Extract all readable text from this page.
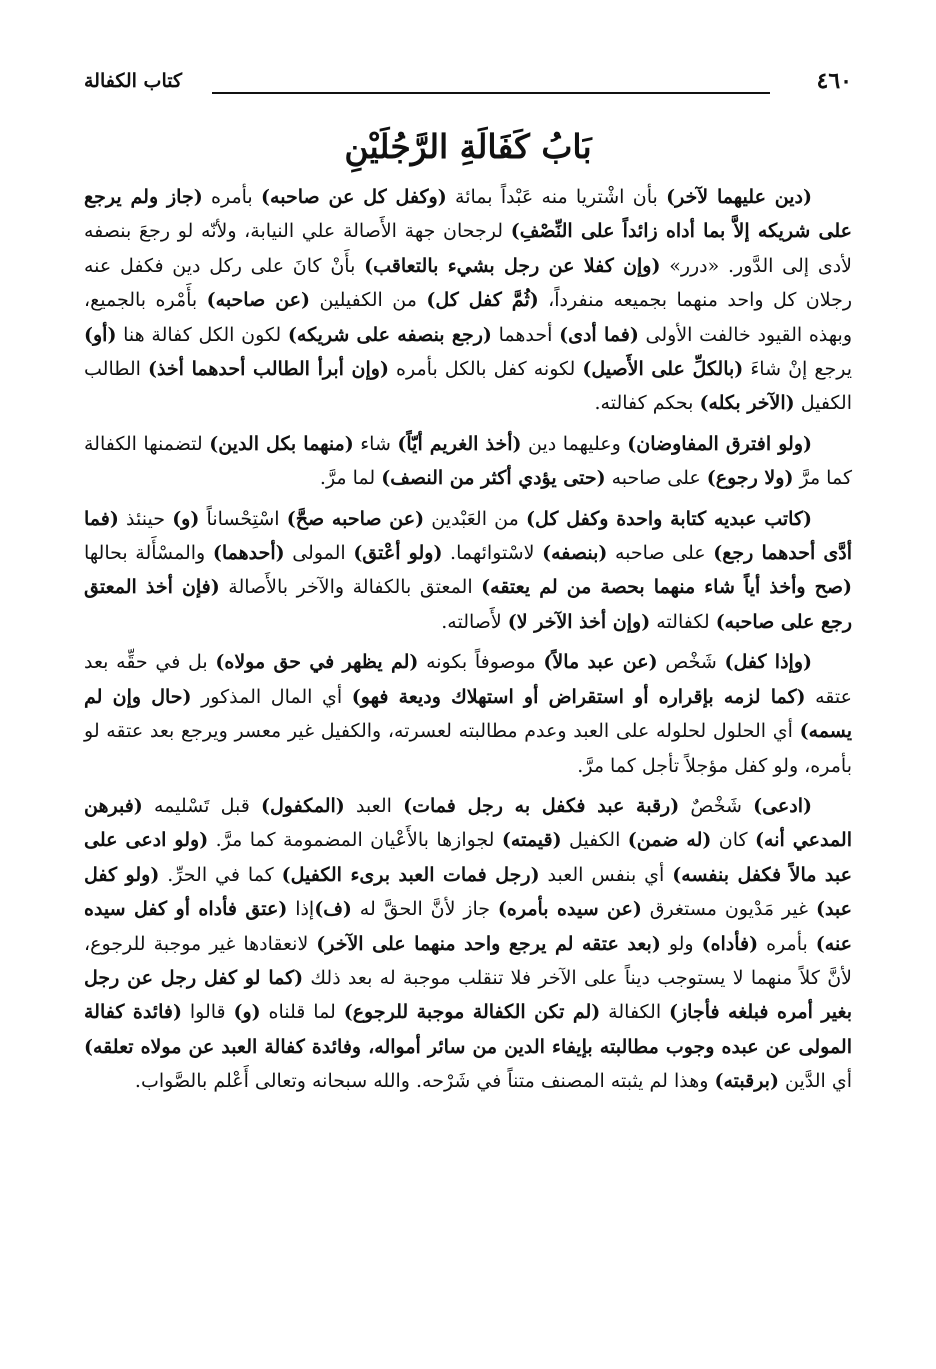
٤٦٠
كتاب الكفالة
بَابُ كَفَالَةِ الرَّجُلَيْنِ

(دين عليهما لآخر) بأن اشْتريا منه عَبْداً بمائة (وكفل كل عن صاحبه) بأمره (جاز ولم يرجع على شريكه إلاَّ بما أداه زائداً على النِّصْفِ) لرجحان جهة الأَصالة علي النيابة، ولأنّه لو رجعَ بنصفه لأدى إلى الدَّور. «درر» (وإن كفلا عن رجل بشيء بالتعاقب) بأَنْ كانَ على ركل دين فكفل عنه رجلان كل واحد منهما بجميعه منفرداً، (ثُمَّ كفل كل) من الكفيلين (عن صاحبه) بأَمْره بالجميع، وبهذه القيود خالفت الأولى (فما أدى) أحدهما (رجع بنصفه على شريكه) لكون الكل كفالة هنا (أو) يرجع إنْ شاءَ (بالكلِّ على الأَصيل) لكونه كفل بالكل بأمره (وإن أبرأ الطالب أحدهما أخذ) الطالب الكفيل (الآخر بكله) بحكم كفالته.

(ولو افترق المفاوضان) وعليهما دين (أخذ الغريم أيّاً) شاء (منهما بكل الدين) لتضمنها الكفالة كما مرَّ (ولا رجوع) على صاحبه (حتى يؤدي أكثر من النصف) لما مرَّ.

(كاتب عبديه كتابة واحدة وكفل كل) من العَبْدين (عن صاحبه صحَّ) اسْتِحْساناً (و) حينئذ (فما أدَّى أحدهما رجع) على صاحبه (بنصفه) لاسْتوائهما. (ولو أعْتق) المولى (أحدهما) والمسْأَلة بحالها (صح وأخذ أياً شاء منهما بحصة من لم يعتقه) المعتق بالكفالة والآخر بالأَصالة (فإن أخذ المعتق رجع على صاحبه) لكفالته (وإن أخذ الآخر لا) لأَصالته.

(وإذا كفل) شَخْص (عن عبد مالاً) موصوفاً بكونه (لم يظهر في حق مولاه) بل في حقِّه بعد عتقه (كما لزمه بإقراره أو استقراض أو استهلاك وديعة فهو) أي المال المذكور (حال وإن لم يسمه) أي الحلول لحلوله على العبد وعدم مطالبته لعسرته، والكفيل غير معسر ويرجع بعد عتقه لو بأمره، ولو كفل مؤجلاً تأجل كما مرَّ.

(ادعى) شَخْصٌ (رقبة عبد فكفل به رجل فمات) العبد (المكفول) قبل تَسْليمه (فبرهن المدعي أنه) كان (له ضمن) الكفيل (قيمته) لجوازها بالأَعْيان المضمومة كما مرَّ. (ولو ادعى على عبد مالاً فكفل بنفسه) أي بنفس العبد (رجل فمات العبد برىء الكفيل) كما في الحرِّ. (ولو كفل عبد) غير مَدْيون مستغرق (عن سيده بأمره) جاز لأنَّ الحقَّ له (ف)إذا (عتق فأداه أو كفل سيده عنه) بأمره (فأداه) ولو (بعد عتقه لم يرجع واحد منهما على الآخر) لانعقادها غير موجبة للرجوع، لأنَّ كلاً منهما لا يستوجب ديناً على الآخر فلا تنقلب موجبة له بعد ذلك (كما لو كفل رجل عن رجل بغير أمره فبلغه فأجاز) الكفالة (لم تكن الكفالة موجبة للرجوع) لما قلناه (و) قالوا (فائدة كفالة المولى عن عبده وجوب مطالبته بإيفاء الدين من سائر أمواله، وفائدة كفالة العبد عن مولاه تعلقه) أي الدَّين (برقبته) وهذا لم يثبته المصنف متناً في شَرْحه. والله سبحانه وتعالى أَعْلم بالصَّواب.
